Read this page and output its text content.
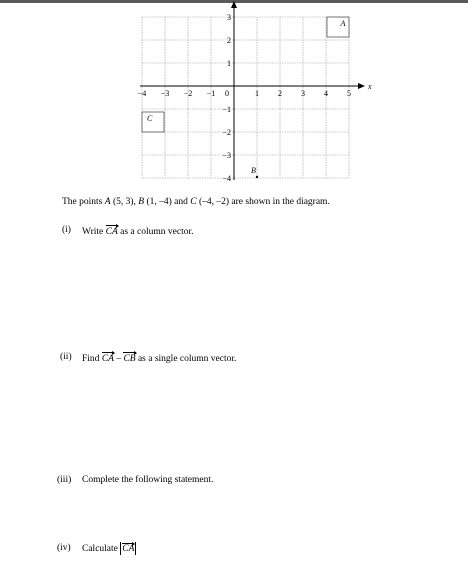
x
−4 −3 −2 −1	1 2 3 4 5
0
3
2
1
−1
−2
−3
−4
A
B
C

The points A (5, 3), B (1, –4) and C (–4, –2) are shown in the diagram.

(i) Write
CA as a column vector.
(ii) Find
CA –
CB as a single column vector.
(iii) Complete the following statement.
(iv) Calculate
CA
